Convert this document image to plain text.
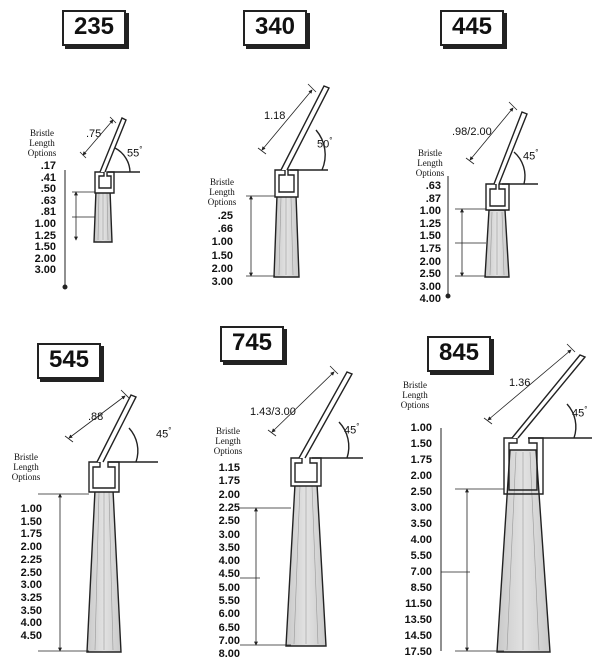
235	340	445
545
745	845
Bristle
Length
Options
Bristle
Length
Options
Bristle
Length
Options
Bristle
Length
Options
Bristle
Length
Options
Bristle
Length
Options
.17
.41
.50
.63
.81
1.00
1.25
1.50
2.00
3.00
.25
.66
1.00
1.50
2.00
3.00
.63
.87
1.00
1.25
1.50
1.75
2.00
2.50
3.00
4.00
1.00
1.50
1.75
2.00
2.25
2.50
3.00
3.25
3.50
4.00
4.50
1.15
1.75
2.00
2.25
2.50
3.00
3.50
4.00
4.50
5.00
5.50
6.00
6.50
7.00
8.00
1.00
1.50
1.75
2.00
2.50
3.00
3.50
4.00
5.50
7.00
8.50
11.50
13.50
14.50
17.50
.75
55°
1.18
50°
.98/2.00
45°
.88
45°
1.43/3.00
45°
1.36
45°
